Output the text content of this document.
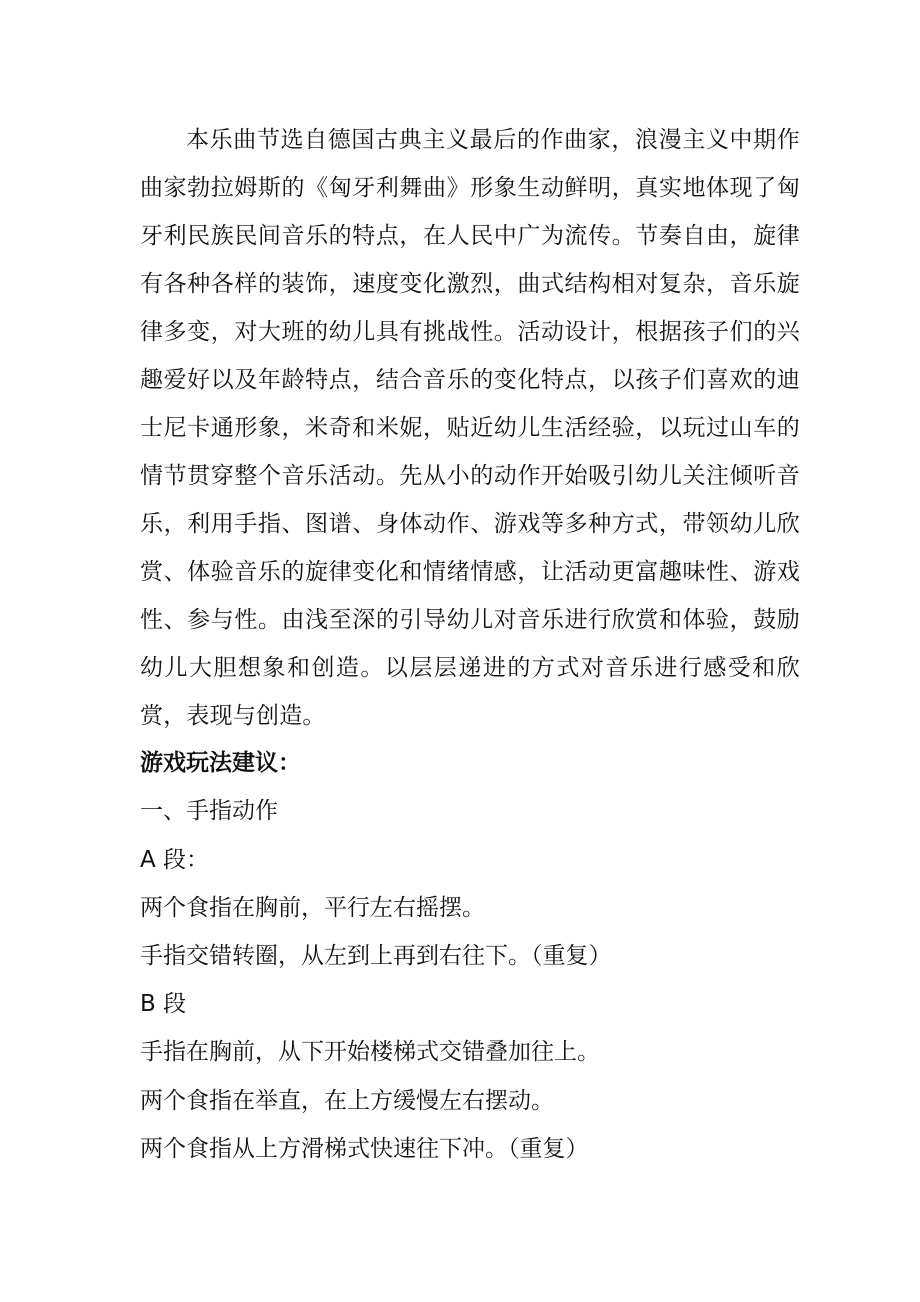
本乐曲节选自德国古典主义最后的作曲家，浪漫主义中期作曲家勃拉姆斯的《匈牙利舞曲》形象生动鲜明，真实地体现了匈牙利民族民间音乐的特点，在人民中广为流传。节奏自由，旋律有各种各样的装饰，速度变化激烈，曲式结构相对复杂，音乐旋律多变，对大班的幼儿具有挑战性。活动设计，根据孩子们的兴趣爱好以及年龄特点，结合音乐的变化特点，以孩子们喜欢的迪士尼卡通形象，米奇和米妮，贴近幼儿生活经验，以玩过山车的情节贯穿整个音乐活动。先从小的动作开始吸引幼儿关注倾听音乐，利用手指、图谱、身体动作、游戏等多种方式，带领幼儿欣赏、体验音乐的旋律变化和情绪情感，让活动更富趣味性、游戏性、参与性。由浅至深的引导幼儿对音乐进行欣赏和体验，鼓励幼儿大胆想象和创造。以层层递进的方式对音乐进行感受和欣赏，表现与创造。

游戏玩法建议：
一、手指动作
A 段：
两个食指在胸前，平行左右摇摆。
手指交错转圈，从左到上再到右往下。（重复）
B 段
手指在胸前，从下开始楼梯式交错叠加往上。
两个食指在举直，在上方缓慢左右摆动。
两个食指从上方滑梯式快速往下冲。（重复）
